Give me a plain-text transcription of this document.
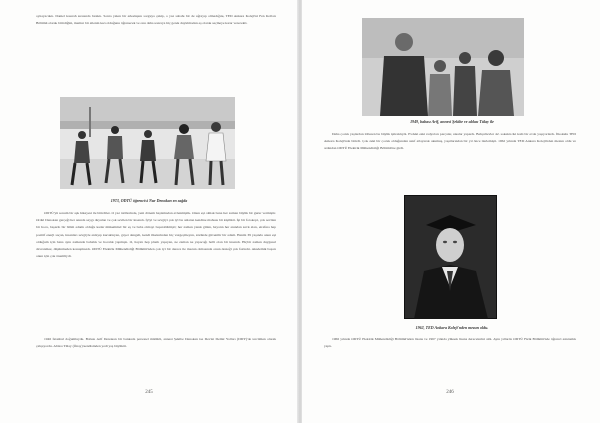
oynayacaktı. Daniel kasırah sırasında bıraktı. Sonra yakın bir arkadaşını sorguya çekip, o yaz sabahı bir de uğrayıp olmadığını, TED Ankara Koleji'ni Fen Kolları Bölümü olarak bitirdiğini, memur bir ailenin kızı olduğunu öğrenecek ve onu daha sonraya hiç gerek duyulmadan eş olarak seçmeye karar verecekti.

1973, ODTÜ öğrencisi Nur Denokan en sağda

ODTÜ'yü sonum bir aşk hikayesi ile bitirdiler. O yaz tatillerinde, yeni dönem başlamadan evlenmiştik. Onun eşi olmak bana her zaman büyük bir gurur vermiştir. Ordul Denokan gerçeği her anında saygı duyulan ve çok sevilen bir insandı. İyiyi ve sevgiyi çok iyi bu anlatan kendine mahsus bir kişilikti. İşi bir fotokopi, çok sevilen bir hoca, başarılı bir bilim adamı olduğu kadar mükemmel bir eş ve baba olmayı başarabilmişti; her zaman yanık gülen, hayatın her anından zevk alan, etrafına hep pozitif enerji saçan, insanları sevgiyle anlayıp kucaklayan, gayet dengeli, kendi ilkelerinden hiç vazgeçmeyen, sözünde güvenilir bir adam. Henüz 39 yaşında onun eşi olduğum için bana aynı zamanda babalık ve hocalık yapmıştı. O, hayatı hep planlı yaşayan, ne zaman ne yapacağı belli olan bir insandı. Hiçbir zaman duygusal davranmaz, düşünmeden konuşmazdı. ODTÜ Elektrik Mühendisliği Bölümü'nden çok iyi bir derece ile mezun olmasında onun desteği çok fazladır. Akademik başarı onun için çok önemliydi.

1946 İstanbul doğumluydu. Babası Arif Denokan bir bankada personel müdürü, annesi Şekibe Denokan ise Devlet Demir Yolları (DDY)'de tercüman olarak çalışıyordu. Ablası Tülay (Önay) kendisinden yedi yaş büyüktü.

245

1949, babası Arif, annesi Şekibe ve ablası Tülay ile

Daha çocuk yaşlardan itibaren bu büyük iştiraklıydı. Evdeki eski radyoları parçalar, ıskalar yapardı. Bahçelievler 42. sokakta iki katlı bir evde yaşıyorlardı. İlkokulu TED Ankara Koleji'nde bitirdi. Çok zeki bir çocuk olduğundan sınıf atlayarak okumuş, yaşıtlarından bir yıl önce ilerlemişti. 1962 yılında TED Ankara Koleji'nden mezun oldu ve ardından ODTÜ Elektrik Mühendisliği Bölümü'ne girdi.

1962, TED Ankara Koleji'nden mezun oldu.

1966 yılında ODTÜ Elektrik Mühendisliği Bölümü'nden lisans ve 1967 yılında yüksek lisans derecelerini aldı. Aynı yıllarda ODTÜ Fizik Bölümü'nde öğrenci asistanlık yaptı.

246
